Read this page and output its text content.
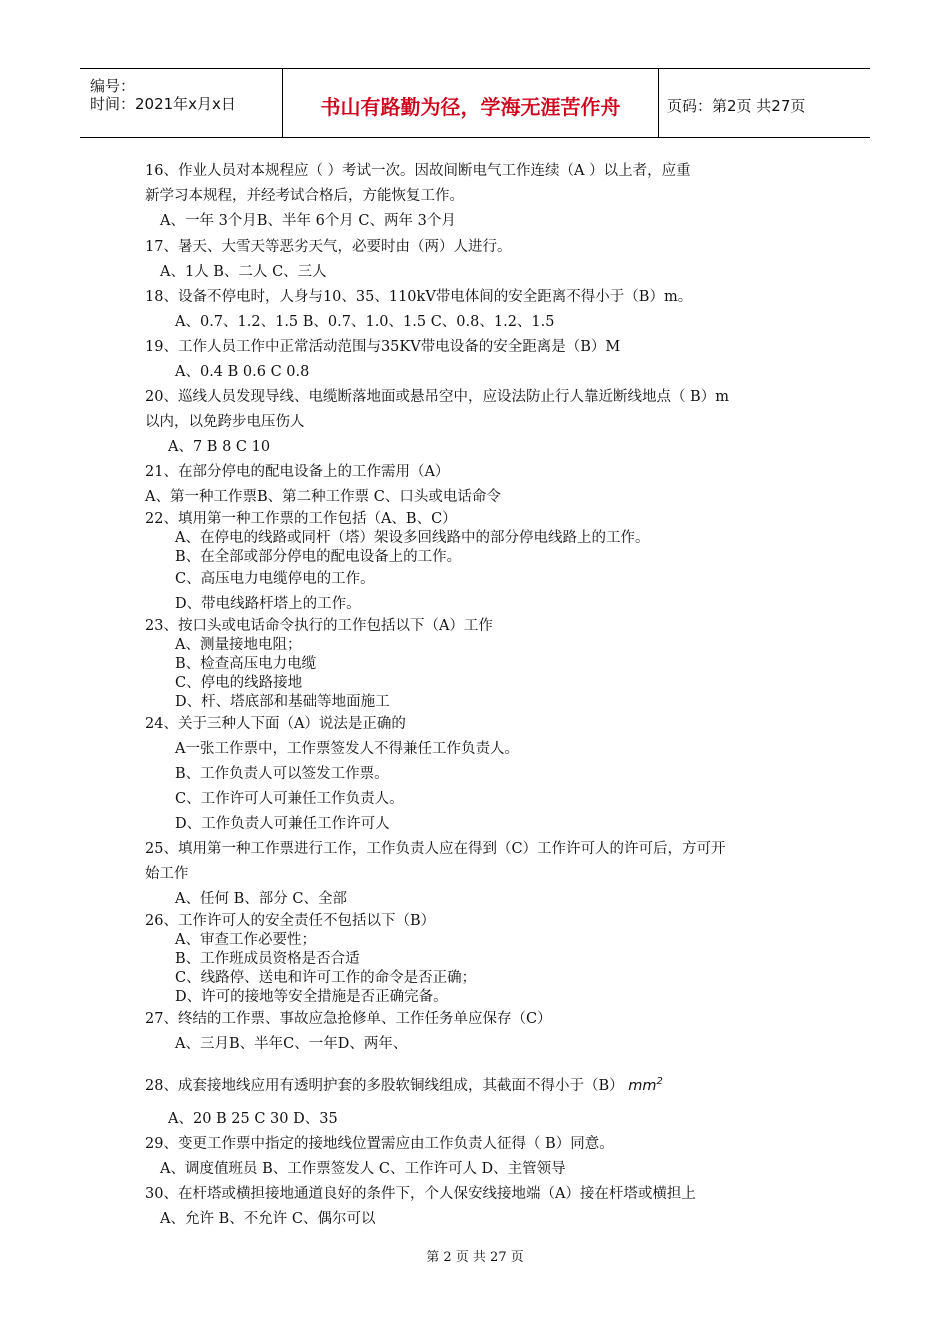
编号：
时间：2021年x月x日	书山有路勤为径，学海无涯苦作舟	页码：第2页 共27页
16、作业人员对本规程应（ ）考试一次。因故间断电气工作连续（A ）以上者，应重
新学习本规程，并经考试合格后，方能恢复工作。
A、一年 3个月B、半年 6个月 C、两年 3个月
17、暑天、大雪天等恶劣天气，必要时由（两）人进行。
A、1人 B、二人 C、三人
18、设备不停电时，人身与10、35、110kV带电体间的安全距离不得小于（B）m。
A、0.7、1.2、1.5 B、0.7、1.0、1.5 C、0.8、1.2、1.5
19、工作人员工作中正常活动范围与35KV带电设备的安全距离是（B）M
A、0.4 B 0.6 C 0.8
20、巡线人员发现导线、电缆断落地面或悬吊空中，应设法防止行人靠近断线地点（ B）m
以内，以免跨步电压伤人
A、7 B 8 C 10
21、在部分停电的配电设备上的工作需用（A）
A、第一种工作票B、第二种工作票 C、口头或电话命令
22、填用第一种工作票的工作包括（A、B、C）
A、在停电的线路或同杆（塔）架设多回线路中的部分停电线路上的工作。
B、在全部或部分停电的配电设备上的工作。
C、高压电力电缆停电的工作。
D、带电线路杆塔上的工作。
23、按口头或电话命令执行的工作包括以下（A）工作
A、测量接地电阻；
B、检查高压电力电缆
C、停电的线路接地
D、杆、塔底部和基础等地面施工
24、关于三种人下面（A）说法是正确的
A一张工作票中，工作票签发人不得兼任工作负责人。
B、工作负责人可以签发工作票。
C、工作许可人可兼任工作负责人。
D、工作负责人可兼任工作许可人
25、填用第一种工作票进行工作，工作负责人应在得到（C）工作许可人的许可后，方可开
始工作
A、任何 B、部分 C、全部
26、工作许可人的安全责任不包括以下（B）
A、审查工作必要性；
B、工作班成员资格是否合适
C、线路停、送电和许可工作的命令是否正确；
D、许可的接地等安全措施是否正确完备。
27、终结的工作票、事故应急抢修单、工作任务单应保存（C）
A、三月B、半年C、一年D、两年、
28、成套接地线应用有透明护套的多股软铜线组成，其截面不得小于（B） $mm^2$
A、20 B 25 C 30 D、35
29、变更工作票中指定的接地线位置需应由工作负责人征得（ B）同意。
A、调度值班员 B、工作票签发人 C、工作许可人 D、主管领导
30、在杆塔或横担接地通道良好的条件下，个人保安线接地端（A）接在杆塔或横担上
A、允许 B、不允许 C、偶尔可以
第 2 页 共 27 页
